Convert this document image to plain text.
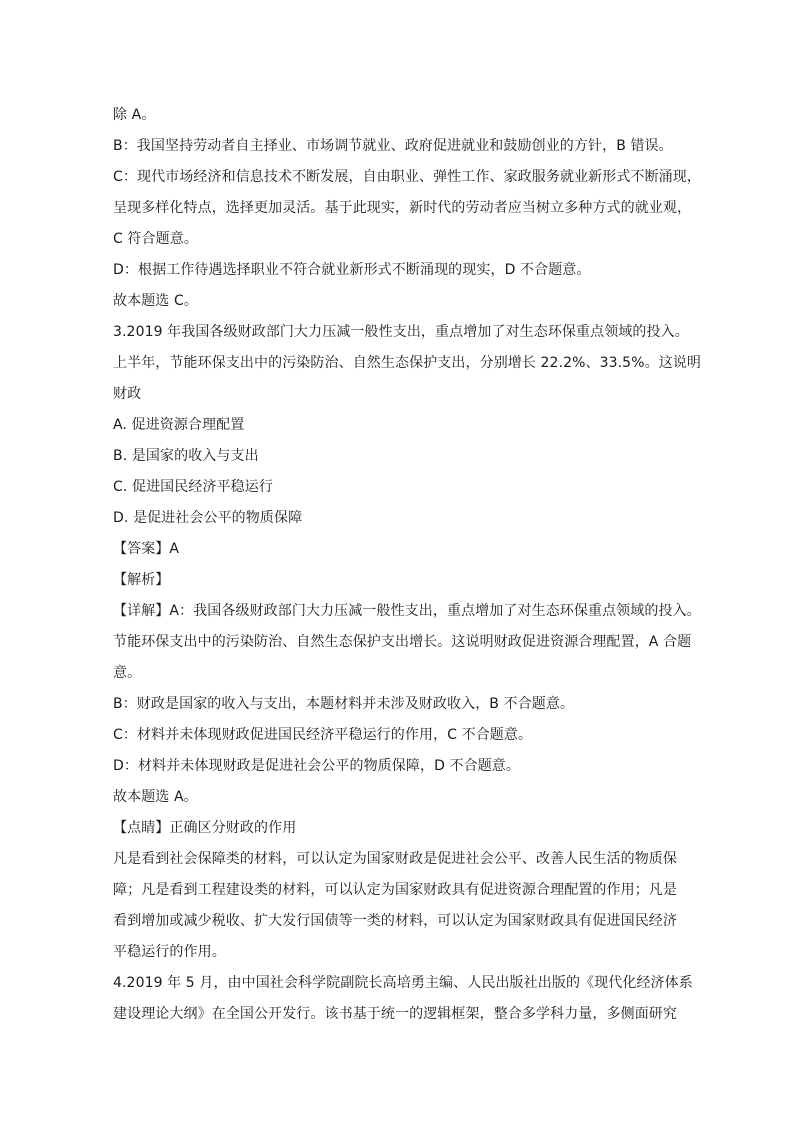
除 A。
B：我国坚持劳动者自主择业、市场调节就业、政府促进就业和鼓励创业的方针，B 错误。
C：现代市场经济和信息技术不断发展，自由职业、弹性工作、家政服务就业新形式不断涌现，
呈现多样化特点，选择更加灵活。基于此现实，新时代的劳动者应当树立多种方式的就业观，
C 符合题意。
D：根据工作待遇选择职业不符合就业新形式不断涌现的现实，D 不合题意。
故本题选 C。
3.2019 年我国各级财政部门大力压减一般性支出，重点增加了对生态环保重点领域的投入。
上半年，节能环保支出中的污染防治、自然生态保护支出，分别增长 22.2%、33.5%。这说明
财政
A. 促进资源合理配置
B. 是国家的收入与支出
C. 促进国民经济平稳运行
D. 是促进社会公平的物质保障
【答案】A
【解析】
【详解】A：我国各级财政部门大力压减一般性支出，重点增加了对生态环保重点领域的投入。
节能环保支出中的污染防治、自然生态保护支出增长。这说明财政促进资源合理配置，A 合题
意。
B：财政是国家的收入与支出，本题材料并未涉及财政收入，B 不合题意。
C：材料并未体现财政促进国民经济平稳运行的作用，C 不合题意。
D：材料并未体现财政是促进社会公平的物质保障，D 不合题意。
故本题选 A。
【点睛】正确区分财政的作用
凡是看到社会保障类的材料，可以认定为国家财政是促进社会公平、改善人民生活的物质保
障；凡是看到工程建设类的材料，可以认定为国家财政具有促进资源合理配置的作用；凡是
看到增加或减少税收、扩大发行国债等一类的材料，可以认定为国家财政具有促进国民经济
平稳运行的作用。
4.2019 年 5 月，由中国社会科学院副院长高培勇主编、人民出版社出版的《现代化经济体系
建设理论大纲》在全国公开发行。该书基于统一的逻辑框架，整合多学科力量，多侧面研究
